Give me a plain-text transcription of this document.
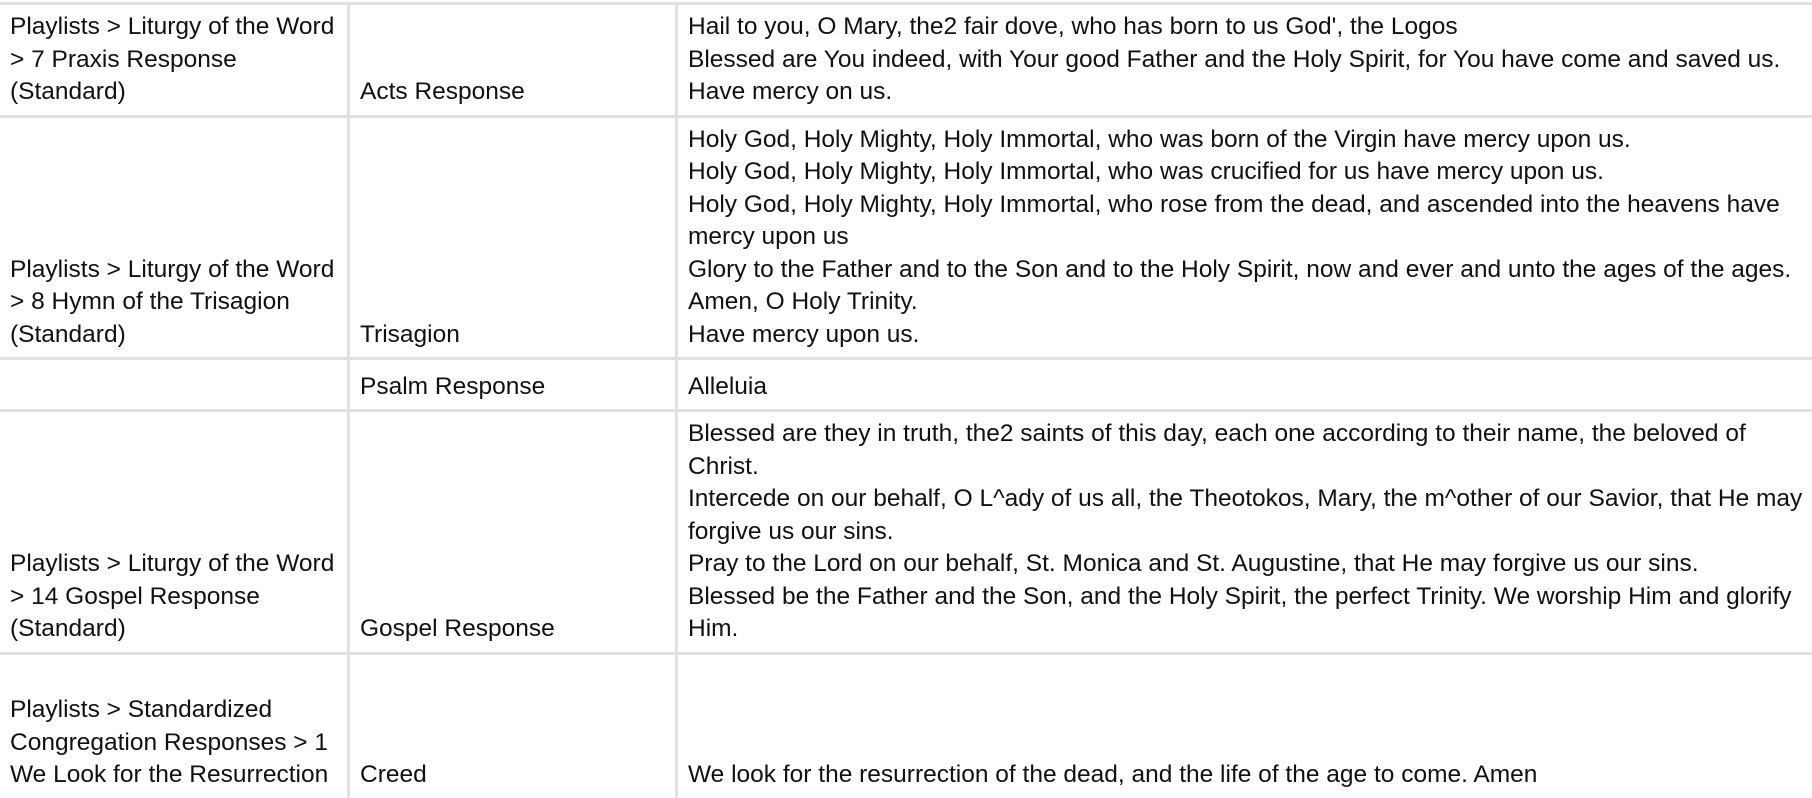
Playlists > Liturgy of the Word > 7 Praxis Response (Standard)	Acts Response	Hail to you, O Mary, the2 fair dove, who has born to us God', the Logos
Blessed are You indeed, with Your good Father and the Holy Spirit, for You have come and saved us. Have mercy on us.

Playlists > Liturgy of the Word > 8 Hymn of the Trisagion (Standard)	Trisagion	Holy God, Holy Mighty, Holy Immortal, who was born of the Virgin have mercy upon us.
Holy God, Holy Mighty, Holy Immortal, who was crucified for us have mercy upon us.
Holy God, Holy Mighty, Holy Immortal, who rose from the dead, and ascended into the heavens have mercy upon us
Glory to the Father and to the Son and to the Holy Spirit, now and ever and unto the ages of the ages. Amen, O Holy Trinity.
Have mercy upon us.

	Psalm Response	Alleluia

Playlists > Liturgy of the Word > 14 Gospel Response (Standard)	Gospel Response	Blessed are they in truth, the2 saints of this day, each one according to their name, the beloved of Christ.
Intercede on our behalf, O L^ady of us all, the Theotokos, Mary, the m^other of our Savior, that He may forgive us our sins.
Pray to the Lord on our behalf, St. Monica and St. Augustine, that He may forgive us our sins.
Blessed be the Father and the Son, and the Holy Spirit, the perfect Trinity. We worship Him and glorify Him.

Playlists > Standardized Congregation Responses > 1 We Look for the Resurrection	Creed	We look for the resurrection of the dead, and the life of the age to come. Amen
